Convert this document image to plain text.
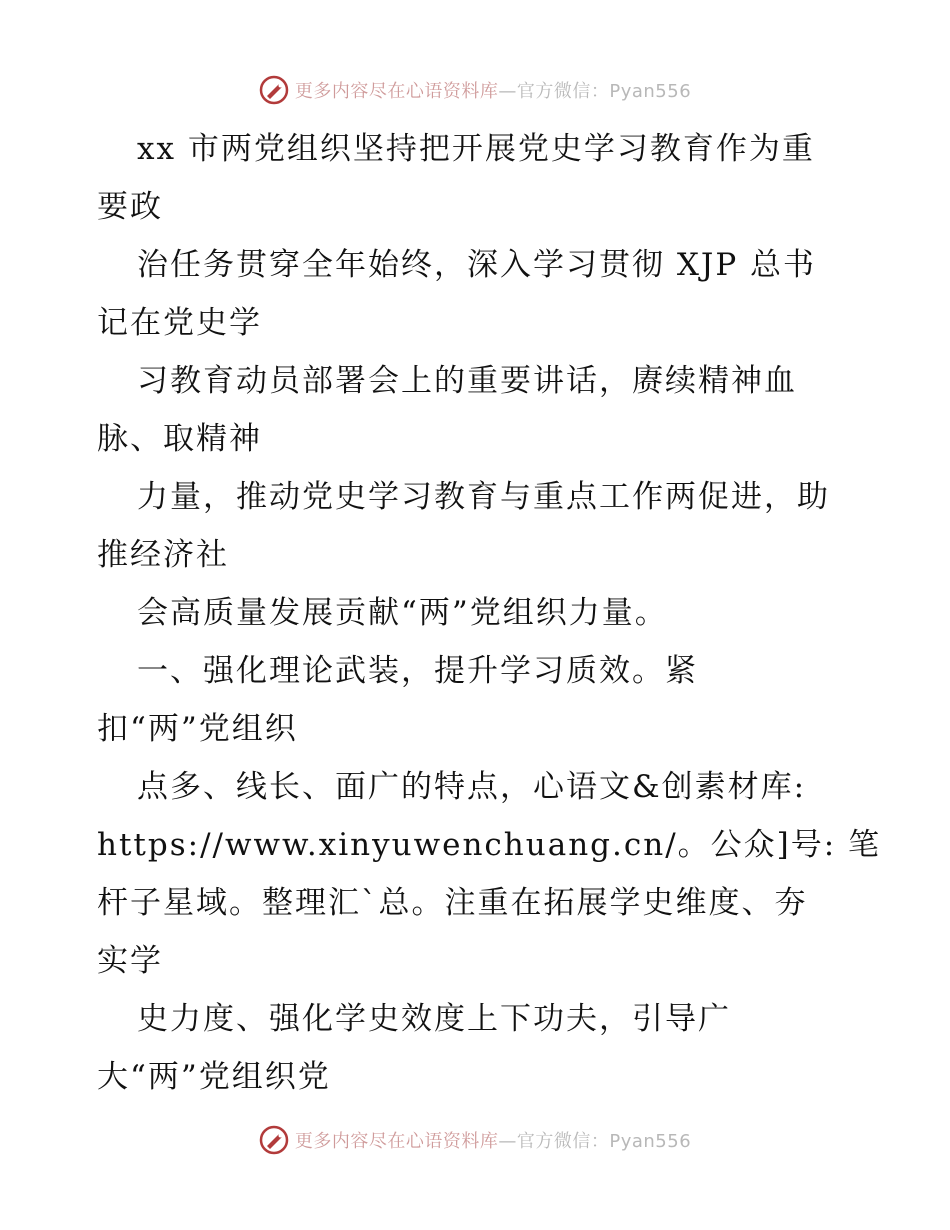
更多内容尽在心语资料库 —官方微信：Pyan556
xx 市两党组织坚持把开展党史学习教育作为重
要政
治任务贯穿全年始终，深入学习贯彻 XJP 总书
记在党史学
习教育动员部署会上的重要讲话，赓续精神血
脉、取精神
力量，推动党史学习教育与重点工作两促进，助
推经济社
会高质量发展贡献“两”党组织力量。
一、强化理论武装，提升学习质效。紧
扣“两”党组织
点多、线长、面广的特点，心语文&创素材库:
https://www.xinyuwenchuang.cn/。公众]号: 笔
杆子星域。整理汇`总。注重在拓展学史维度、夯
实学
史力度、强化学史效度上下功夫，引导广
大“两”党组织党
更多内容尽在心语资料库 —官方微信：Pyan556
